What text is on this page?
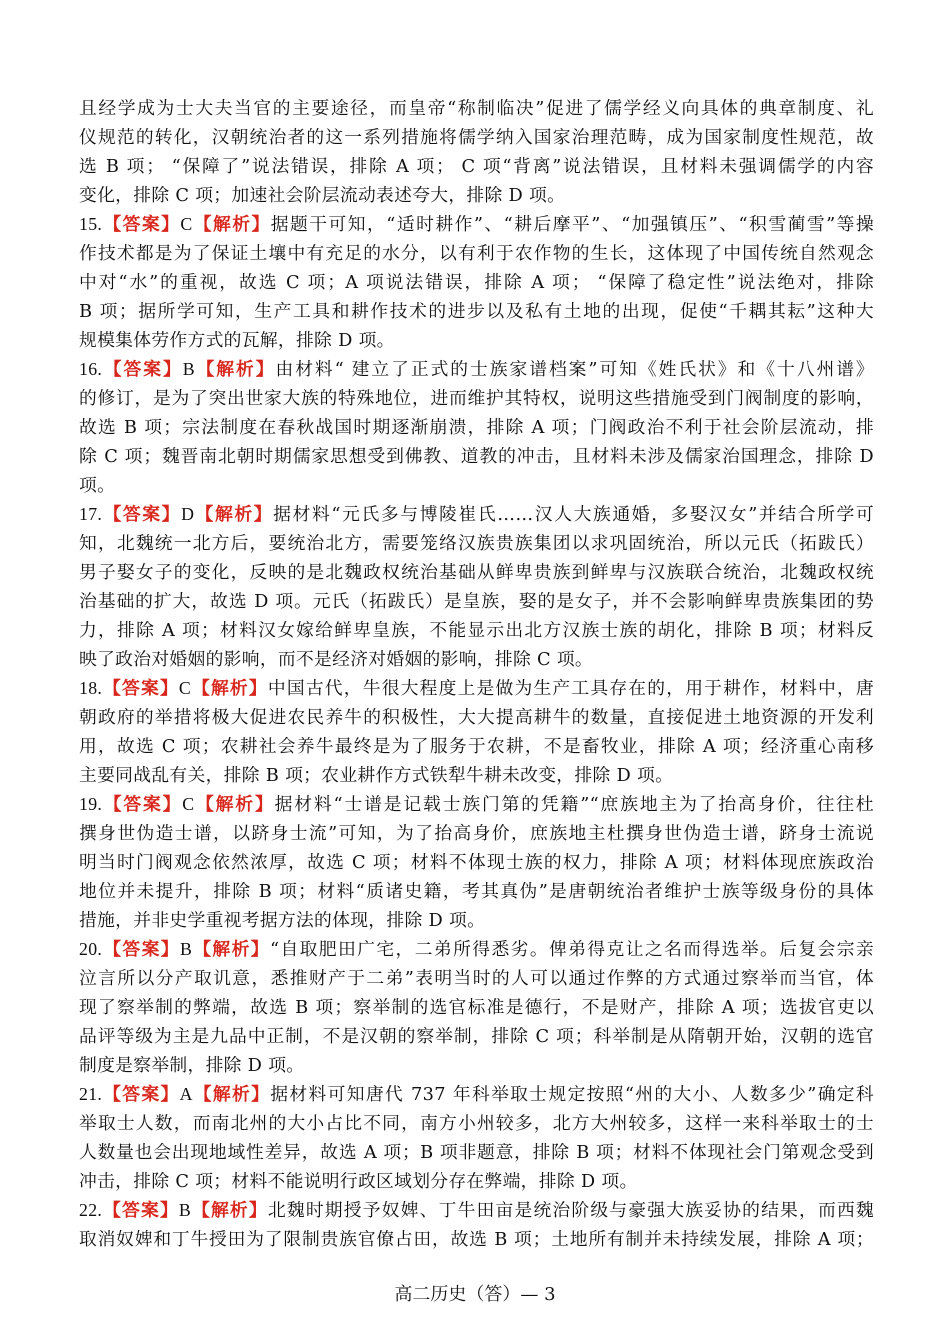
且经学成为士大夫当官的主要途径，而皇帝“称制临决”促进了儒学经义向具体的典章制度、礼
仪规范的转化，汉朝统治者的这一系列措施将儒学纳入国家治理范畴，成为国家制度性规范，故
选 B 项； “保障了”说法错误，排除 A 项； C 项“背离”说法错误，且材料未强调儒学的内容
变化，排除 C 项；加速社会阶层流动表述夸大，排除 D 项。
15.【答案】C【解析】据题干可知，“适时耕作”、“耕后摩平”、“加强镇压”、“积雪蔺雪”等操
作技术都是为了保证土壤中有充足的水分，以有利于农作物的生长，这体现了中国传统自然观念
中对“水”的重视，故选 C 项；A 项说法错误，排除 A 项； “保障了稳定性”说法绝对，排除
B 项；据所学可知，生产工具和耕作技术的进步以及私有土地的出现，促使“千耦其耘”这种大
规模集体劳作方式的瓦解，排除 D 项。
16.【答案】B【解析】由材料“ 建立了正式的士族家谱档案”可知《姓氏状》和《十八州谱》
的修订，是为了突出世家大族的特殊地位，进而维护其特权，说明这些措施受到门阀制度的影响，
故选 B 项；宗法制度在春秋战国时期逐渐崩溃，排除 A 项；门阀政治不利于社会阶层流动，排
除 C 项；魏晋南北朝时期儒家思想受到佛教、道教的冲击，且材料未涉及儒家治国理念，排除 D
项。
17.【答案】D【解析】据材料“元氏多与博陵崔氏……汉人大族通婚，多娶汉女”并结合所学可
知，北魏统一北方后，要统治北方，需要笼络汉族贵族集团以求巩固统治，所以元氏（拓跋氏）
男子娶女子的变化，反映的是北魏政权统治基础从鲜卑贵族到鲜卑与汉族联合统治，北魏政权统
治基础的扩大，故选 D 项。元氏（拓跋氏）是皇族，娶的是女子，并不会影响鲜卑贵族集团的势
力，排除 A 项；材料汉女嫁给鲜卑皇族，不能显示出北方汉族士族的胡化，排除 B 项；材料反
映了政治对婚姻的影响，而不是经济对婚姻的影响，排除 C 项。
18.【答案】C【解析】中国古代，牛很大程度上是做为生产工具存在的，用于耕作，材料中，唐
朝政府的举措将极大促进农民养牛的积极性，大大提高耕牛的数量，直接促进土地资源的开发利
用，故选 C 项；农耕社会养牛最终是为了服务于农耕，不是畜牧业，排除 A 项；经济重心南移
主要同战乱有关，排除 B 项；农业耕作方式铁犁牛耕未改变，排除 D 项。
19.【答案】C【解析】据材料“士谱是记载士族门第的凭籍”“庶族地主为了抬高身价，往往杜
撰身世伪造士谱，以跻身士流”可知，为了抬高身价，庶族地主杜撰身世伪造士谱，跻身士流说
明当时门阀观念依然浓厚，故选 C 项；材料不体现士族的权力，排除 A 项；材料体现庶族政治
地位并未提升，排除 B 项；材料“质诸史籍，考其真伪”是唐朝统治者维护士族等级身份的具体
措施，并非史学重视考据方法的体现，排除 D 项。
20.【答案】B【解析】“自取肥田广宅，二弟所得悉劣。俾弟得克让之名而得选举。后复会宗亲
泣言所以分产取讥意，悉推财产于二弟”表明当时的人可以通过作弊的方式通过察举而当官，体
现了察举制的弊端，故选 B 项；察举制的选官标准是德行，不是财产，排除 A 项；选拔官吏以
品评等级为主是九品中正制，不是汉朝的察举制，排除 C 项；科举制是从隋朝开始，汉朝的选官
制度是察举制，排除 D 项。
21.【答案】A【解析】据材料可知唐代 737 年科举取士规定按照“州的大小、人数多少”确定科
举取士人数，而南北州的大小占比不同，南方小州较多，北方大州较多，这样一来科举取士的士
人数量也会出现地域性差异，故选 A 项；B 项非题意，排除 B 项；材料不体现社会门第观念受到
冲击，排除 C 项；材料不能说明行政区域划分存在弊端，排除 D 项。
22.【答案】B【解析】北魏时期授予奴婢、丁牛田亩是统治阶级与豪强大族妥协的结果，而西魏
取消奴婢和丁牛授田为了限制贵族官僚占田，故选 B 项；土地所有制并未持续发展，排除 A 项；
高二历史（答）— 3
